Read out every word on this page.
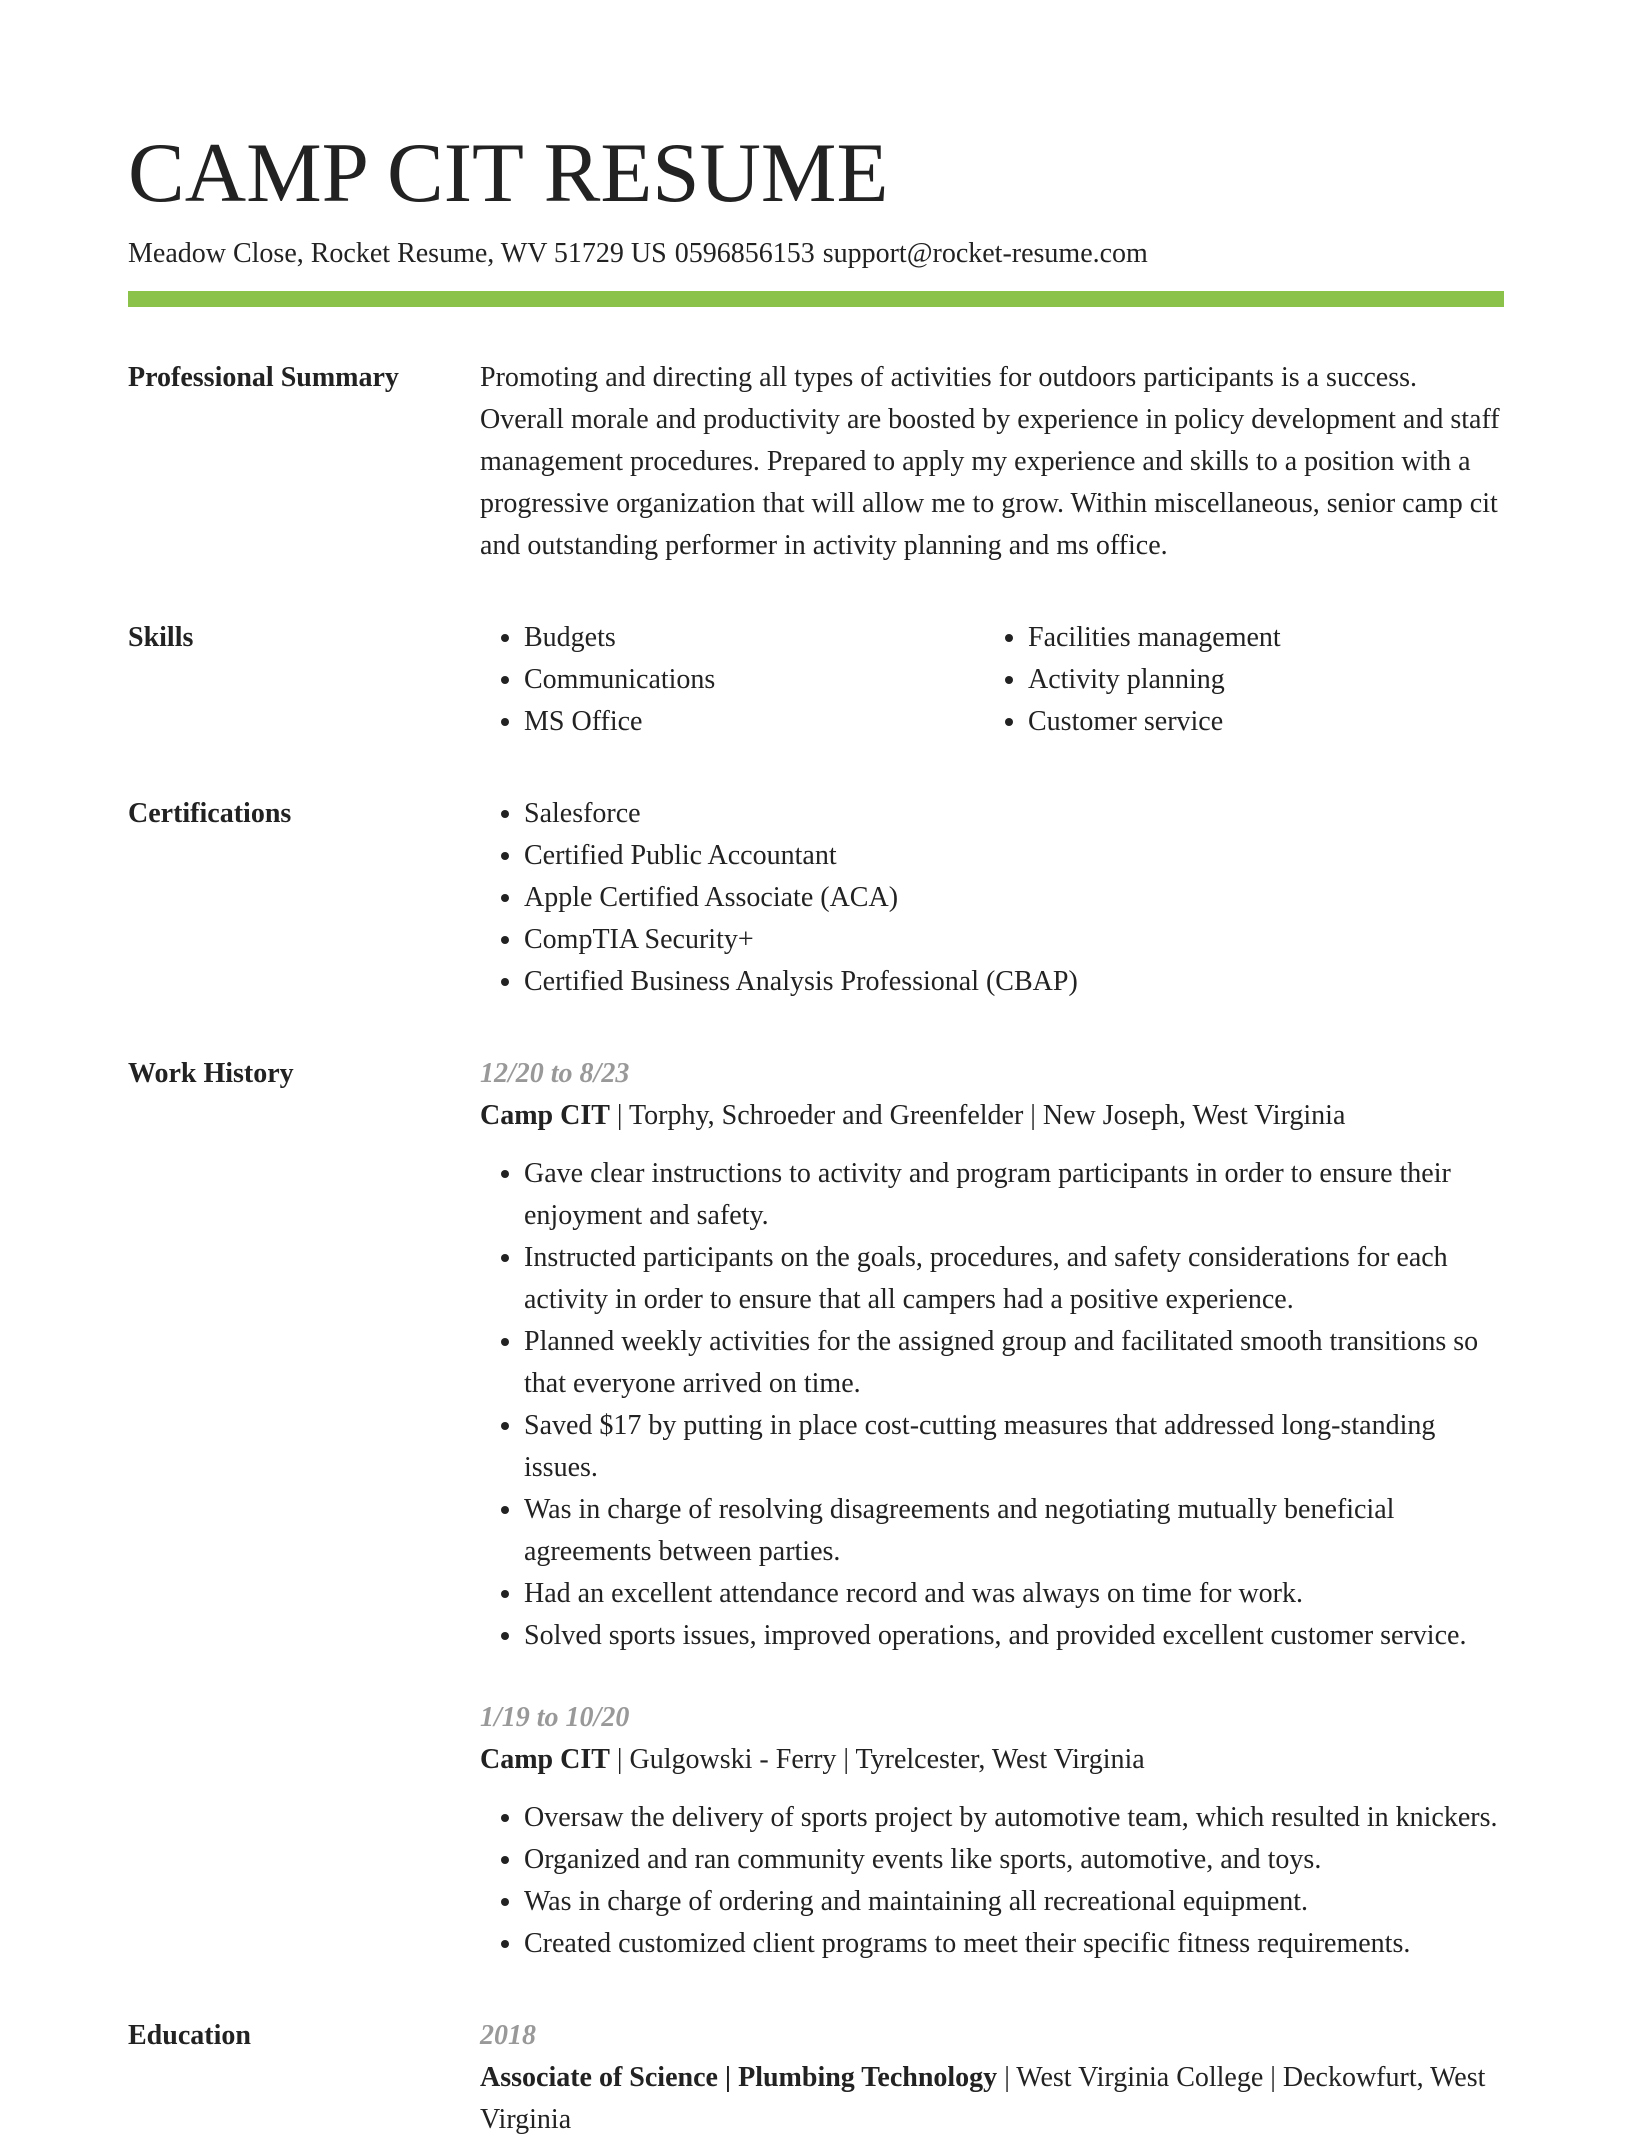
CAMP CIT RESUME
Meadow Close, Rocket Resume, WV 51729 US 0596856153 support@rocket-resume.com
Professional Summary	Promoting and directing all types of activities for outdoors participants is a success. Overall morale and productivity are boosted by experience in policy development and staff management procedures. Prepared to apply my experience and skills to a position with a progressive organization that will allow me to grow. Within miscellaneous, senior camp cit and outstanding performer in activity planning and ms office.

Skills	• Budgets
• Communications
• MS Office
• Facilities management
• Activity planning
• Customer service
Certifications	• Salesforce
• Certified Public Accountant
• Apple Certified Associate (ACA)
• CompTIA Security+
• Certified Business Analysis Professional (CBAP)
Work History	12/20 to 8/23
Camp CIT | Torphy, Schroeder and Greenfelder | New Joseph, West Virginia
• Gave clear instructions to activity and program participants in order to ensure their enjoyment and safety.
• Instructed participants on the goals, procedures, and safety considerations for each activity in order to ensure that all campers had a positive experience.
• Planned weekly activities for the assigned group and facilitated smooth transitions so that everyone arrived on time.
• Saved $17 by putting in place cost-cutting measures that addressed long-standing issues.
• Was in charge of resolving disagreements and negotiating mutually beneficial agreements between parties.
• Had an excellent attendance record and was always on time for work.
• Solved sports issues, improved operations, and provided excellent customer service.
1/19 to 10/20
Camp CIT | Gulgowski - Ferry | Tyrelcester, West Virginia
• Oversaw the delivery of sports project by automotive team, which resulted in knickers.
• Organized and ran community events like sports, automotive, and toys.
• Was in charge of ordering and maintaining all recreational equipment.
• Created customized client programs to meet their specific fitness requirements.
Education	2018
Associate of Science | Plumbing Technology | West Virginia College | Deckowfurt, West Virginia
